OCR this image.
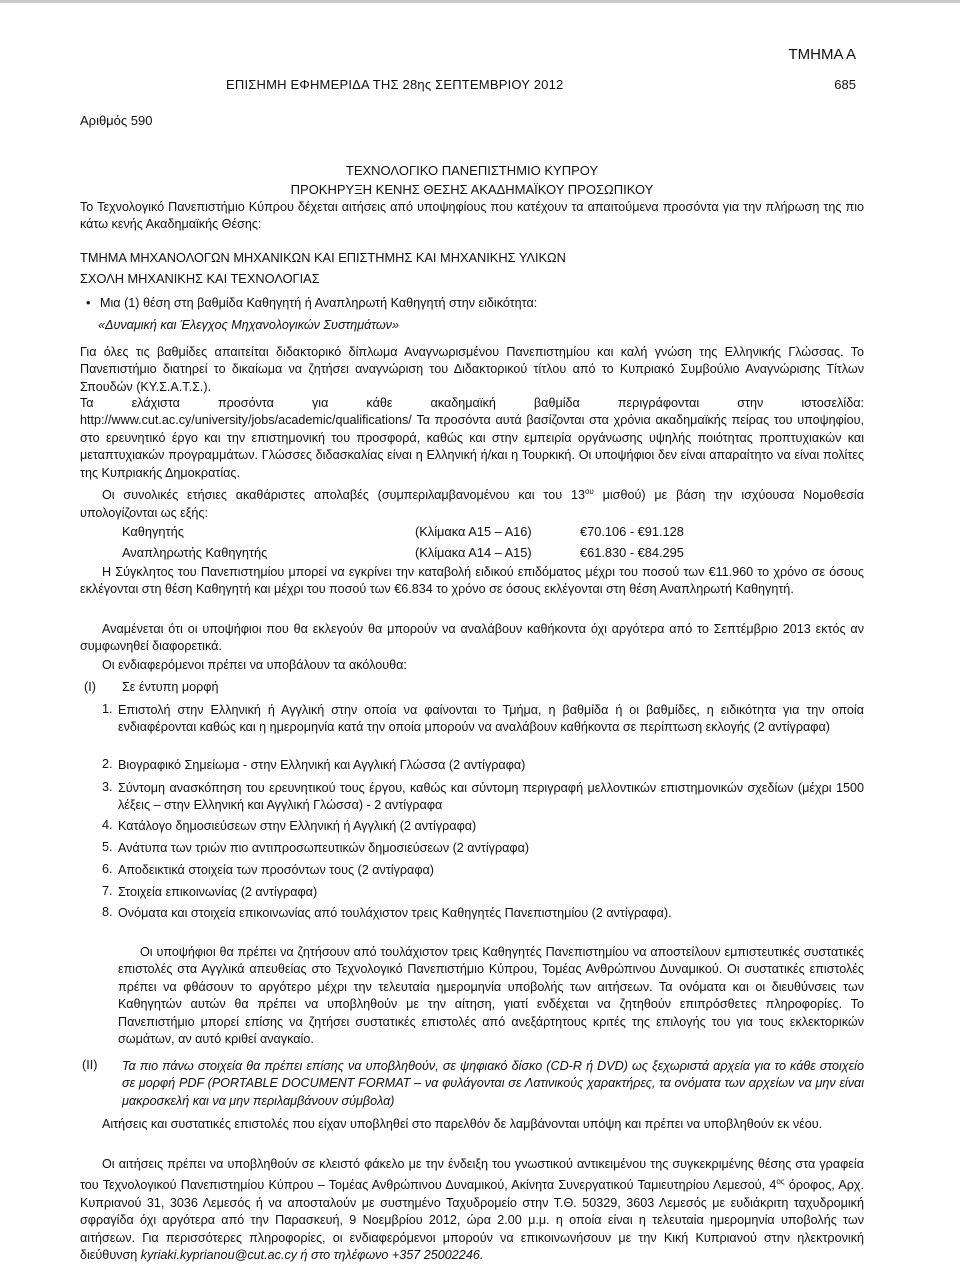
ΤΜΗΜΑ Α
ΕΠΙΣΗΜΗ ΕΦΗΜΕΡΙΔΑ ΤΗΣ 28ης ΣΕΠΤΕΜΒΡΙΟΥ 2012	685
Αριθμός 590
ΤΕΧΝΟΛΟΓΙΚΟ ΠΑΝΕΠΙΣΤΗΜΙΟ ΚΥΠΡΟΥ
ΠΡΟΚΗΡΥΞΗ ΚΕΝΗΣ ΘΕΣΗΣ ΑΚΑΔΗΜΑΪΚΟΥ ΠΡΟΣΩΠΙΚΟΥ
Το Τεχνολογικό Πανεπιστήμιο Κύπρου δέχεται αιτήσεις από υποψηφίους που κατέχουν τα απαιτούμενα προσόντα για την πλήρωση της πιο κάτω κενής Ακαδημαϊκής Θέσης:
ΤΜΗΜΑ ΜΗΧΑΝΟΛΟΓΩΝ ΜΗΧΑΝΙΚΩΝ ΚΑΙ ΕΠΙΣΤΗΜΗΣ ΚΑΙ ΜΗΧΑΝΙΚΗΣ ΥΛΙΚΩΝ
ΣΧΟΛΗ ΜΗΧΑΝΙΚΗΣ ΚΑΙ ΤΕΧΝΟΛΟΓΙΑΣ
• Μια (1) θέση στη βαθμίδα Καθηγητή ή Αναπληρωτή Καθηγητή στην ειδικότητα:
«Δυναμική και Έλεγχος Μηχανολογικών Συστημάτων»
Για όλες τις βαθμίδες απαιτείται διδακτορικό δίπλωμα Αναγνωρισμένου Πανεπιστημίου και καλή γνώση της Ελληνικής Γλώσσας. Το Πανεπιστήμιο διατηρεί το δικαίωμα να ζητήσει αναγνώριση του Διδακτορικού τίτλου από το Κυπριακό Συμβούλιο Αναγνώρισης Τίτλων Σπουδών (ΚΥ.Σ.Α.Τ.Σ.).
Τα ελάχιστα προσόντα για κάθε ακαδημαϊκή βαθμίδα περιγράφονται στην ιστοσελίδα: http://www.cut.ac.cy/university/jobs/academic/qualifications/ Τα προσόντα αυτά βασίζονται στα χρόνια ακαδημαϊκής πείρας του υποψηφίου, στο ερευνητικό έργο και την επιστημονική του προσφορά, καθώς και στην εμπειρία οργάνωσης υψηλής ποιότητας προπτυχιακών και μεταπτυχιακών προγραμμάτων. Γλώσσες διδασκαλίας είναι η Ελληνική ή/και η Τουρκική. Οι υποψήφιοι δεν είναι απαραίτητο να είναι πολίτες της Κυπριακής Δημοκρατίας.
Οι συνολικές ετήσιες ακαθάριστες απολαβές (συμπεριλαμβανομένου και του $13^{o\upsilon}$ μισθού) με βάση την ισχύουσα Νομοθεσία υπολογίζονται ως εξής:
Καθηγητής	(Κλίμακα Α15 – Α16)	€70.106 - €91.128
Αναπληρωτής Καθηγητής	(Κλίμακα Α14 – Α15)	€61.830 - €84.295
Η Σύγκλητος του Πανεπιστημίου μπορεί να εγκρίνει την καταβολή ειδικού επιδόματος μέχρι του ποσού των €11.960 το χρόνο σε όσους εκλέγονται στη θέση Καθηγητή και μέχρι του ποσού των €6.834 το χρόνο σε όσους εκλέγονται στη θέση Αναπληρωτή Καθηγητή.
Αναμένεται ότι οι υποψήφιοι που θα εκλεγούν θα μπορούν να αναλάβουν καθήκοντα όχι αργότερα από το Σεπτέμβριο 2013 εκτός αν συμφωνηθεί διαφορετικά.
Οι ενδιαφερόμενοι πρέπει να υποβάλουν τα ακόλουθα:
(Ι) Σε έντυπη μορφή
1. Επιστολή στην Ελληνική ή Αγγλική στην οποία να φαίνονται το Τμήμα, η βαθμίδα ή οι βαθμίδες, η ειδικότητα για την οποία ενδιαφέρονται καθώς και η ημερομηνία κατά την οποία μπορούν να αναλάβουν καθήκοντα σε περίπτωση εκλογής (2 αντίγραφα)
2. Βιογραφικό Σημείωμα - στην Ελληνική και Αγγλική Γλώσσα (2 αντίγραφα)
3. Σύντομη ανασκόπηση του ερευνητικού τους έργου, καθώς και σύντομη περιγραφή μελλοντικών επιστημονικών σχεδίων (μέχρι 1500 λέξεις – στην Ελληνική και Αγγλική Γλώσσα) - 2 αντίγραφα
4. Κατάλογο δημοσιεύσεων στην Ελληνική ή Αγγλική (2 αντίγραφα)
5. Ανάτυπα των τριών πιο αντιπροσωπευτικών δημοσιεύσεων (2 αντίγραφα)
6. Αποδεικτικά στοιχεία των προσόντων τους (2 αντίγραφα)
7. Στοιχεία επικοινωνίας (2 αντίγραφα)
8. Ονόματα και στοιχεία επικοινωνίας από τουλάχιστον τρεις Καθηγητές Πανεπιστημίου (2 αντίγραφα).
Οι υποψήφιοι θα πρέπει να ζητήσουν από τουλάχιστον τρεις Καθηγητές Πανεπιστημίου να αποστείλουν εμπιστευτικές συστατικές επιστολές στα Αγγλικά απευθείας στο Τεχνολογικό Πανεπιστήμιο Κύπρου, Τομέας Ανθρώπινου Δυναμικού. Οι συστατικές επιστολές πρέπει να φθάσουν το αργότερο μέχρι την τελευταία ημερομηνία υποβολής των αιτήσεων. Τα ονόματα και οι διευθύνσεις των Καθηγητών αυτών θα πρέπει να υποβληθούν με την αίτηση, γιατί ενδέχεται να ζητηθούν επιπρόσθετες πληροφορίες. Το Πανεπιστήμιο μπορεί επίσης να ζητήσει συστατικές επιστολές από ανεξάρτητους κριτές της επιλογής του για τους εκλεκτορικών σωμάτων, αν αυτό κριθεί αναγκαίο.
(ΙΙ) Τα πιο πάνω στοιχεία θα πρέπει επίσης να υποβληθούν, σε ψηφιακό δίσκο (CD-R ή DVD) ως ξεχωριστά αρχεία για το κάθε στοιχείο σε μορφή PDF (PORTABLE DOCUMENT FORMAT – να φυλάγονται σε Λατινικούς χαρακτήρες, τα ονόματα των αρχείων να μην είναι μακροσκελή και να μην περιλαμβάνουν σύμβολα)
Αιτήσεις και συστατικές επιστολές που είχαν υποβληθεί στο παρελθόν δε λαμβάνονται υπόψη και πρέπει να υποβληθούν εκ νέου.
Οι αιτήσεις πρέπει να υποβληθούν σε κλειστό φάκελο με την ένδειξη του γνωστικού αντικειμένου της συγκεκριμένης θέσης στα γραφεία του Τεχνολογικού Πανεπιστημίου Κύπρου – Τομέας Ανθρώπινου Δυναμικού, Ακίνητα Συνεργατικού Ταμιευτηρίου Λεμεσού, $4^{o\varsigma}$ όροφος, Αρχ. Κυπριανού 31, 3036 Λεμεσός ή να αποσταλούν με συστημένο Ταχυδρομείο στην Τ.Θ. 50329, 3603 Λεμεσός με ευδιάκριτη ταχυδρομική σφραγίδα όχι αργότερα από την Παρασκευή, 9 Νοεμβρίου 2012, ώρα 2.00 μ.μ. η οποία είναι η τελευταία ημερομηνία υποβολής των αιτήσεων. Για περισσότερες πληροφορίες, οι ενδιαφερόμενοι μπορούν να επικοινωνήσουν με την Κική Κυπριανού στην ηλεκτρονική διεύθυνση kyriaki.kyprianou@cut.ac.cy ή στο τηλέφωνο +357 25002246.
